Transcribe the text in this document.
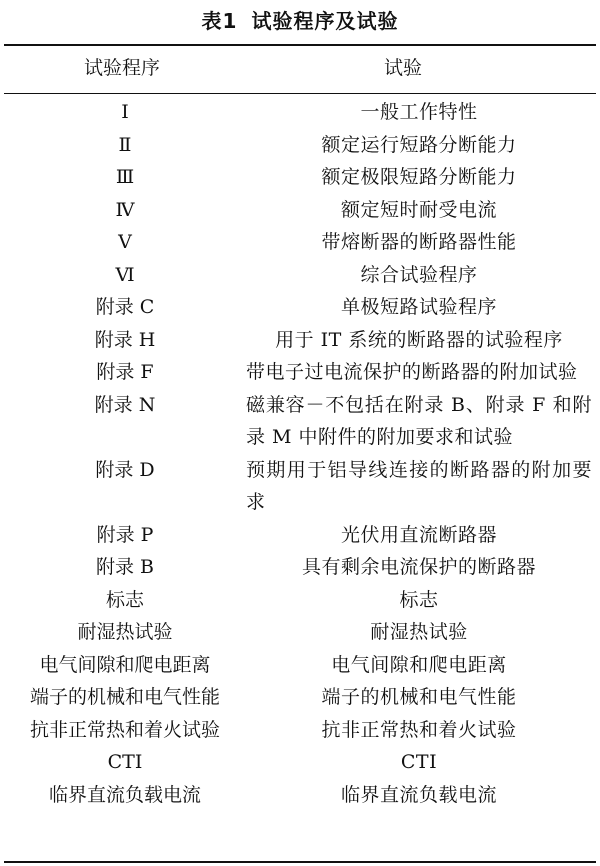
表1 试验程序及试验
试验程序	试验
Ⅰ	一般工作特性
Ⅱ	额定运行短路分断能力
Ⅲ	额定极限短路分断能力
Ⅳ	额定短时耐受电流
Ⅴ	带熔断器的断路器性能
Ⅵ	综合试验程序
附录 C	单极短路试验程序
附录 H	用于 IT 系统的断路器的试验程序
附录 F	带电子过电流保护的断路器的附加试验
附录 N	磁兼容－不包括在附录 B、附录 F 和附录 M 中附件的附加要求和试验
附录 D	预期用于铝导线连接的断路器的附加要求
附录 P	光伏用直流断路器
附录 B	具有剩余电流保护的断路器
标志	标志
耐湿热试验	耐湿热试验
电气间隙和爬电距离	电气间隙和爬电距离
端子的机械和电气性能	端子的机械和电气性能
抗非正常热和着火试验	抗非正常热和着火试验
CTI	CTI
临界直流负载电流	临界直流负载电流
